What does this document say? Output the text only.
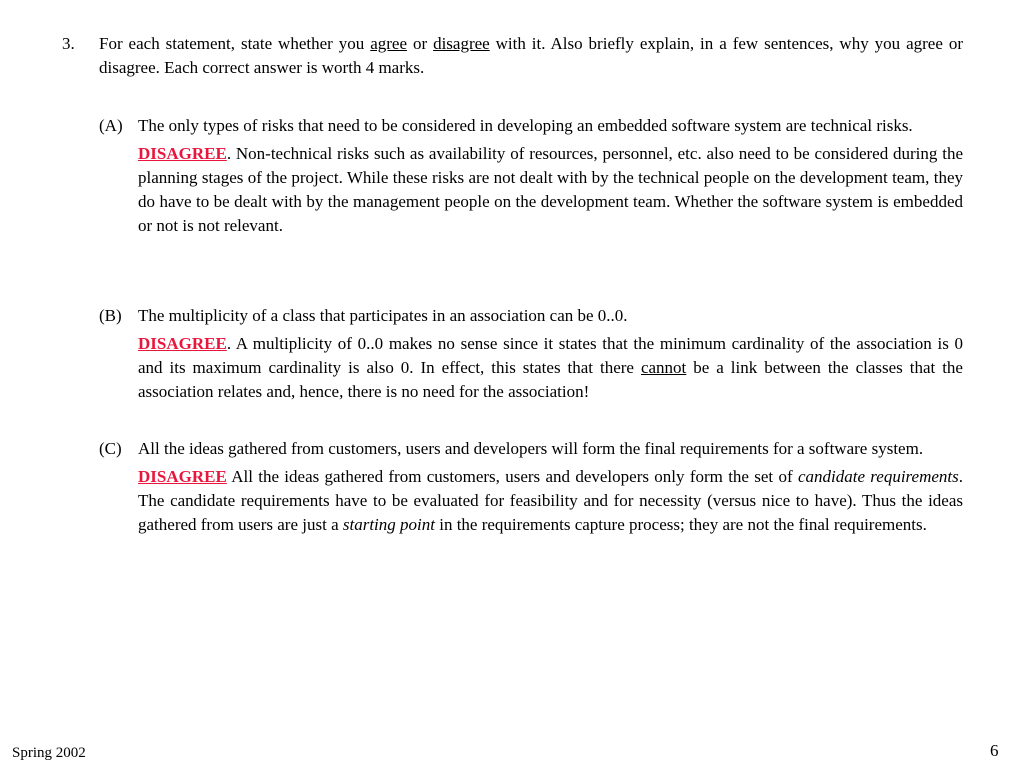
3. For each statement, state whether you agree or disagree with it. Also briefly explain, in a few sentences, why you agree or disagree. Each correct answer is worth 4 marks.
(A) The only types of risks that need to be considered in developing an embedded software system are technical risks.
DISAGREE. Non-technical risks such as availability of resources, personnel, etc. also need to be considered during the planning stages of the project. While these risks are not dealt with by the technical people on the development team, they do have to be dealt with by the management people on the development team. Whether the software system is embedded or not is not relevant.
(B) The multiplicity of a class that participates in an association can be 0..0.
DISAGREE. A multiplicity of 0..0 makes no sense since it states that the minimum cardinality of the association is 0 and its maximum cardinality is also 0. In effect, this states that there cannot be a link between the classes that the association relates and, hence, there is no need for the association!
(C) All the ideas gathered from customers, users and developers will form the final requirements for a software system.
DISAGREE All the ideas gathered from customers, users and developers only form the set of candidate requirements. The candidate requirements have to be evaluated for feasibility and for necessity (versus nice to have). Thus the ideas gathered from users are just a starting point in the requirements capture process; they are not the final requirements.
Spring 2002	6
